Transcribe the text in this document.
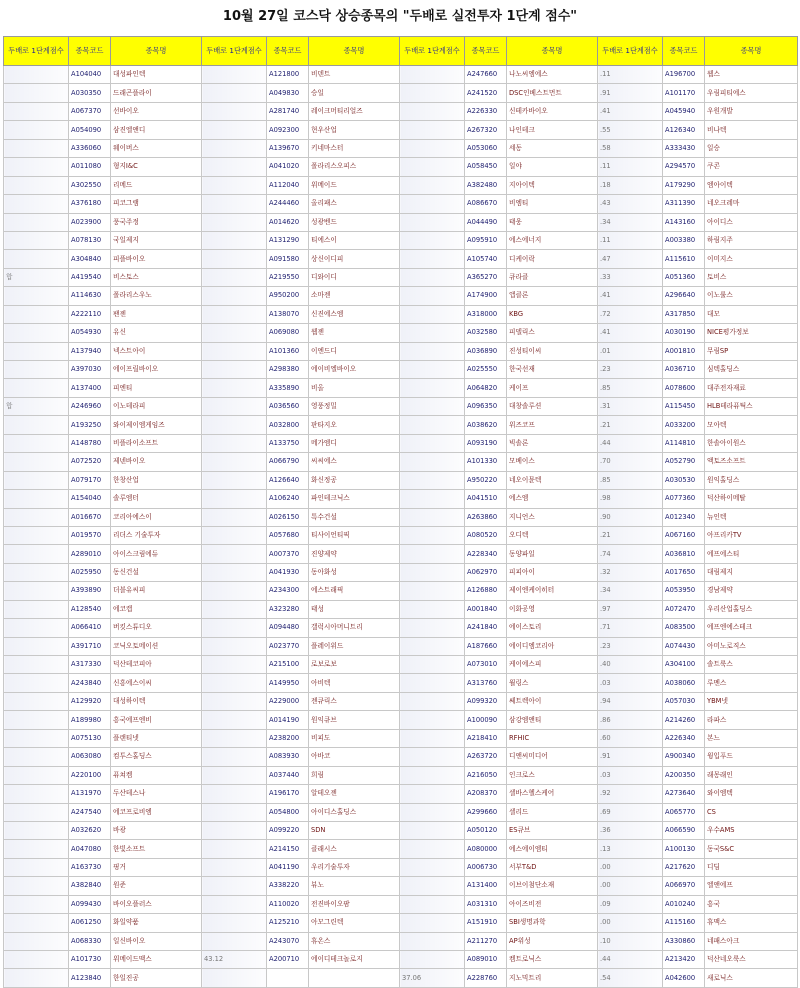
10월 27일 코스닥 상승종목의 "두배로 실전투자 1단계 점수"
두배로 1단계점수	종목코드	종목명	두배로 1단계점수	종목코드	종목명	두배로 1단계점수	종목코드	종목명	두배로 1단계점수	종목코드	종목명
	A104040	대성파인텍		A121800	비덴트		A247660	나노씨엠에스	.11	A196700	웹스
	A030350	드래곤플라이		A049830	승일		A241520	DSC인베스트먼트	.91	A101170	우림피티에스
	A067370	선바이오		A281740	레이크머티리얼즈		A226330	신테카바이오	.41	A045940	우원개발
	A054090	삼진엘앤디		A092300	현우산업		A267320	나인테크	.55	A126340	비나텍
	A336060	웨이버스		A139670	키네마스터		A053060	세동	.58	A333430	일승
	A011080	형지I&C		A041020	폴라리스오피스		A058450	일야	.11	A294570	쿠콘
	A302550	리메드		A112040	위메이드		A382480	지아이텍	.18	A179290	엠아이텍
	A376180	피코그램		A244460	올리패스		A086670	비엠티	.43	A311390	네오크레마
	A023900	풍국주정		A014620	성광벤드		A044490	태웅	.34	A143160	아이디스
	A078130	국일제지		A131290	티에스이		A095910	에스에너지	.11	A003380	하림지주
	A304840	피플바이오		A091580	상신이디피		A105740	디케이락	.47	A115610	이미지스
합	A419540	비스토스		A219550	디와이디		A365270	큐라클	.33	A051360	토비스
	A114630	폴라리스우노		A950200	소마젠		A174900	앱클론	.41	A296640	이노룰스
	A222110	팬젠		A138070	신진에스엠		A318000	KBG	.72	A317850	대모
	A054930	유신		A069080	웹젠		A032580	피델릭스	.41	A030190	NICE평가정보
	A137940	넥스트아이		A101360	이엔드디		A036890	진성티이씨	.01	A001810	무림SP
	A397030	에이프릴바이오		A298380	에이비엘바이오		A025550	한국선재	.23	A036710	심텍홀딩스
	A137400	피엔티		A335890	비올		A064820	케이프	.85	A078600	대주전자재료
합	A246960	이노테라피		A036560	영풍정밀		A096350	대창솔루션	.31	A115450	HLB테라퓨틱스
	A193250	와이제이엠게임즈		A032800	판타지오		A038620	위즈코프	.21	A033200	모아텍
	A148780	비플라이소프트		A133750	메가엠디		A093190	빅솔론	.44	A114810	한솔아이원스
	A072520	제넨바이오		A066790	씨씨에스		A101330	모베이스	.70	A052790	액토즈소프트
	A079170	한창산업		A126640	화신정공		A950220	네오이뮨텍	.85	A030530	원익홀딩스
	A154040	솔루엠터		A106240	파인테크닉스		A041510	에스엠	.98	A077360	덕산하이메탈
	A016670	코리아에스이		A026150	특수건설		A263860	지니언스	.90	A012340	뉴인텍
	A019570	리더스 기술투자		A057680	티사이언티픽		A080520	오디텍	.21	A067160	아프리카TV
	A289010	아이스크림에듀		A007370	진양제약		A228340	동양파일	.74	A036810	에프에스티
	A025950	동신건설		A041930	동아화성		A062970	피피아이	.32	A017650	대림제지
	A393890	더블유씨피		A234300	에스트래픽		A126880	제이엔케이히터	.34	A053950	경남제약
	A128540	에코캡		A323280	태성		A001840	이화공영	.97	A072470	우리산업홀딩스
	A066410	버킷스튜디오		A094480	갤럭시아머니트리		A241840	에이스토리	.71	A083500	에프엔에스테크
	A391710	코닉오토메이션		A023770	플레이위드		A187660	에이디엠코리아	.23	A074430	아미노로직스
	A317330	덕산테코피아		A215100	로보로보		A073010	케이에스피	.40	A304100	솔트룩스
	A243840	신흥에스이씨		A149950	아비텍		A313760	윌링스	.03	A038060	루멘스
	A129920	대성하이텍		A229000	젠큐릭스		A099320	쎄트렉아이	.94	A057030	YBM넷
	A189980	흥국에프엔비		A014190	원익큐브		A100090	삼강엠앤티	.86	A214260	라파스
	A075130	플랜티넷		A238200	비피도		A218410	RFHIC	.60	A226340	본느
	A063080	컴투스홀딩스		A083930	아바코		A263720	디앤씨미디어	.91	A900340	윙입푸드
	A220100	퓨쳐켐		A037440	희림		A216050	인크로스	.03	A200350	래몽래인
	A131970	두산테스나		A196170	알테오젠		A208370	셀바스헬스케어	.92	A273640	와이엠텍
	A247540	에코프로비엠		A054800	아이디스홀딩스		A299660	셀리드	.69	A065770	CS
	A032620	바광		A099220	SDN		A050120	ES큐브	.36	A066590	우수AMS
	A047080	한빛소프트		A214150	클래시스		A080000	에스에이엠티	.13	A100130	동국S&C
	A163730	핑거		A041190	우리기술투자		A006730	서부T&D	.00	A217620	디딤
	A382840	원준		A338220	뷰노		A131400	이브이첨단소재	.00	A066970	엘앤에프
	A099430	바이오플러스		A110020	전진바이오팜		A031310	아이즈비전	.09	A010240	흥국
	A061250	화일약품		A125210	아모그린텍		A151910	SBI생명과학	.00	A115160	휴맥스
	A068330	일신바이오		A243070	휴온스		A211270	AP위성	.10	A330860	네패스아크
	A101730	위메이드맥스	43.12	A200710	에이디테크놀로지		A089010	켐트로닉스	.44	A213420	덕산네오룩스
	A123840	한일진공				37.06	A228760	지노믹트리	.54	A042600	새로닉스
